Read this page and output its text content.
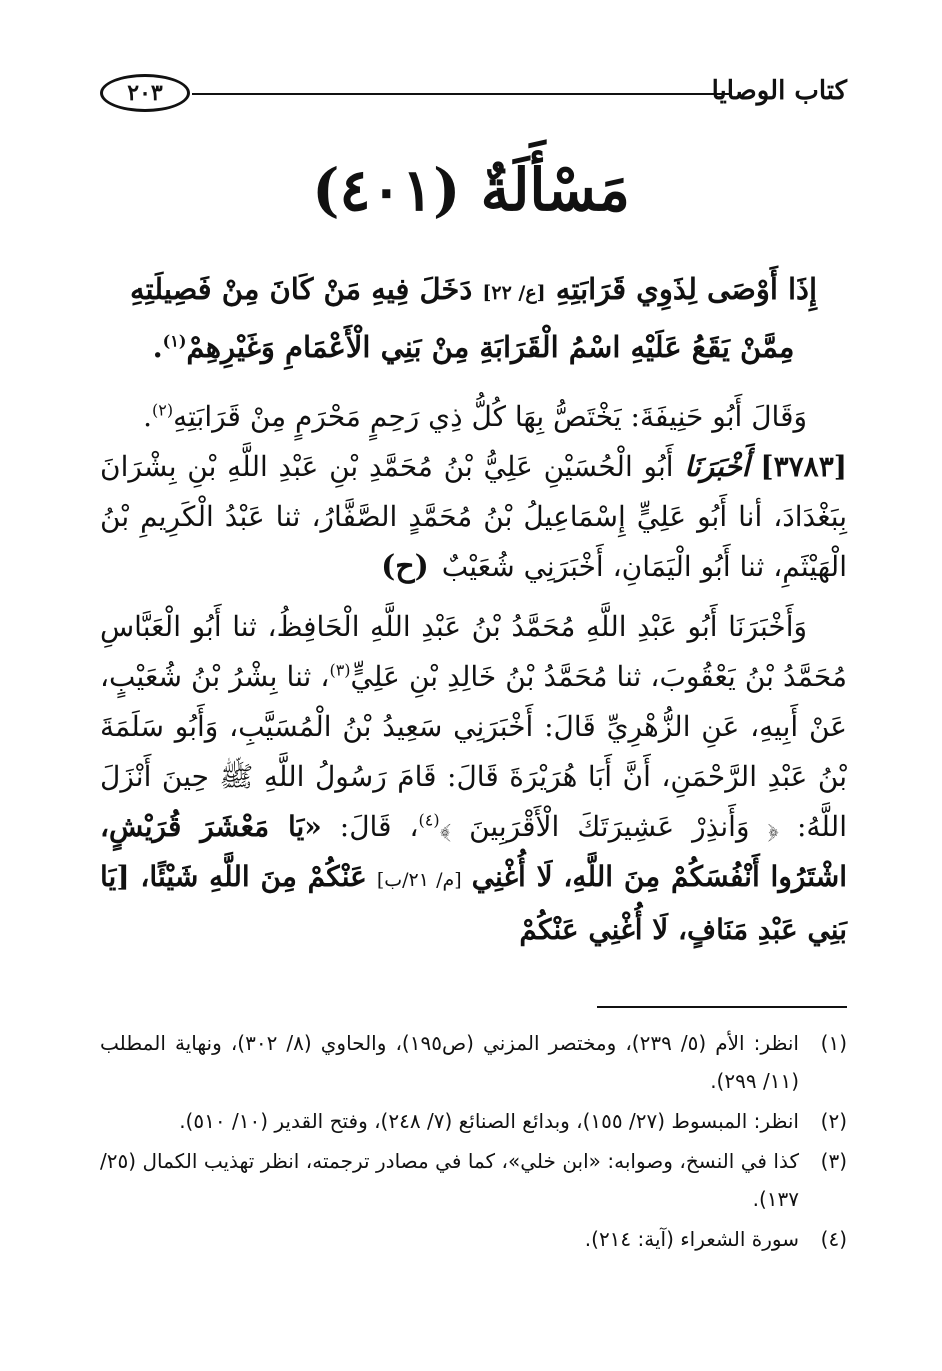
كتاب الوصايا
٢٠٣
مَسْأَلَةٌ (٤٠١)

إِذَا أَوْصَى لِذَوِي قَرَابَتِهِ [ع/ ٢٢] دَخَلَ فِيهِ مَنْ كَانَ مِنْ فَصِيلَتِهِ مِمَّنْ يَقَعُ عَلَيْهِ اسْمُ الْقَرَابَةِ مِنْ بَنِي الْأَعْمَامِ وَغَيْرِهِمْ$^{(١)}$.

وَقَالَ أَبُو حَنِيفَةَ: يَخْتَصُّ بِهَا كُلُّ ذِي رَحِمٍ مَحْرَمٍ مِنْ قَرَابَتِهِ$^{(٢)}$.

[٣٧٨٣] أَخْبَرَنَا أَبُو الْحُسَيْنِ عَلِيُّ بْنُ مُحَمَّدِ بْنِ عَبْدِ اللَّهِ بْنِ بِشْرَانَ بِبَغْدَادَ، أنا أَبُو عَلِيٍّ إِسْمَاعِيلُ بْنُ مُحَمَّدٍ الصَّفَّارُ، ثنا عَبْدُ الْكَرِيمِ بْنُ الْهَيْثَمِ، ثنا أَبُو الْيَمَانِ، أَخْبَرَنِي شُعَيْبٌ (ح)

وَأَخْبَرَنَا أَبُو عَبْدِ اللَّهِ مُحَمَّدُ بْنُ عَبْدِ اللَّهِ الْحَافِظُ، ثنا أَبُو الْعَبَّاسِ مُحَمَّدُ بْنُ يَعْقُوبَ، ثنا مُحَمَّدُ بْنُ خَالِدِ بْنِ عَلِيٍّ$^{(٣)}$، ثنا بِشْرُ بْنُ شُعَيْبٍ، عَنْ أَبِيهِ، عَنِ الزُّهْرِيِّ قَالَ: أَخْبَرَنِي سَعِيدُ بْنُ الْمُسَيَّبِ، وَأَبُو سَلَمَةَ بْنُ عَبْدِ الرَّحْمَنِ، أَنَّ أَبَا هُرَيْرَةَ قَالَ: قَامَ رَسُولُ اللَّهِ ﷺ حِينَ أَنْزَلَ اللَّهُ: ﴿ وَأَنذِرْ عَشِيرَتَكَ الْأَقْرَبِينَ ﴾$^{(٤)}$، قَالَ: «يَا مَعْشَرَ قُرَيْشٍ، اشْتَرُوا أَنْفُسَكُمْ مِنَ اللَّهِ، لَا أُغْنِي [م/ ٢١/ب] عَنْكُمْ مِنَ اللَّهِ شَيْئًا، [يَا بَنِي عَبْدِ مَنَافٍ، لَا أُغْنِي عَنْكُمْ

(١)
انظر: الأم (٥/ ٢٣٩)، ومختصر المزني (ص١٩٥)، والحاوي (٨/ ٣٠٢)، ونهاية المطلب (١١/ ٢٩٩).
(٢)
انظر: المبسوط (٢٧/ ١٥٥)، وبدائع الصنائع (٧/ ٢٤٨)، وفتح القدير (١٠/ ٥١٠).
(٣)
كذا في النسخ، وصوابه: «ابن خلي»، كما في مصادر ترجمته، انظر تهذيب الكمال (٢٥/ ١٣٧).
(٤)
سورة الشعراء (آية: ٢١٤).
